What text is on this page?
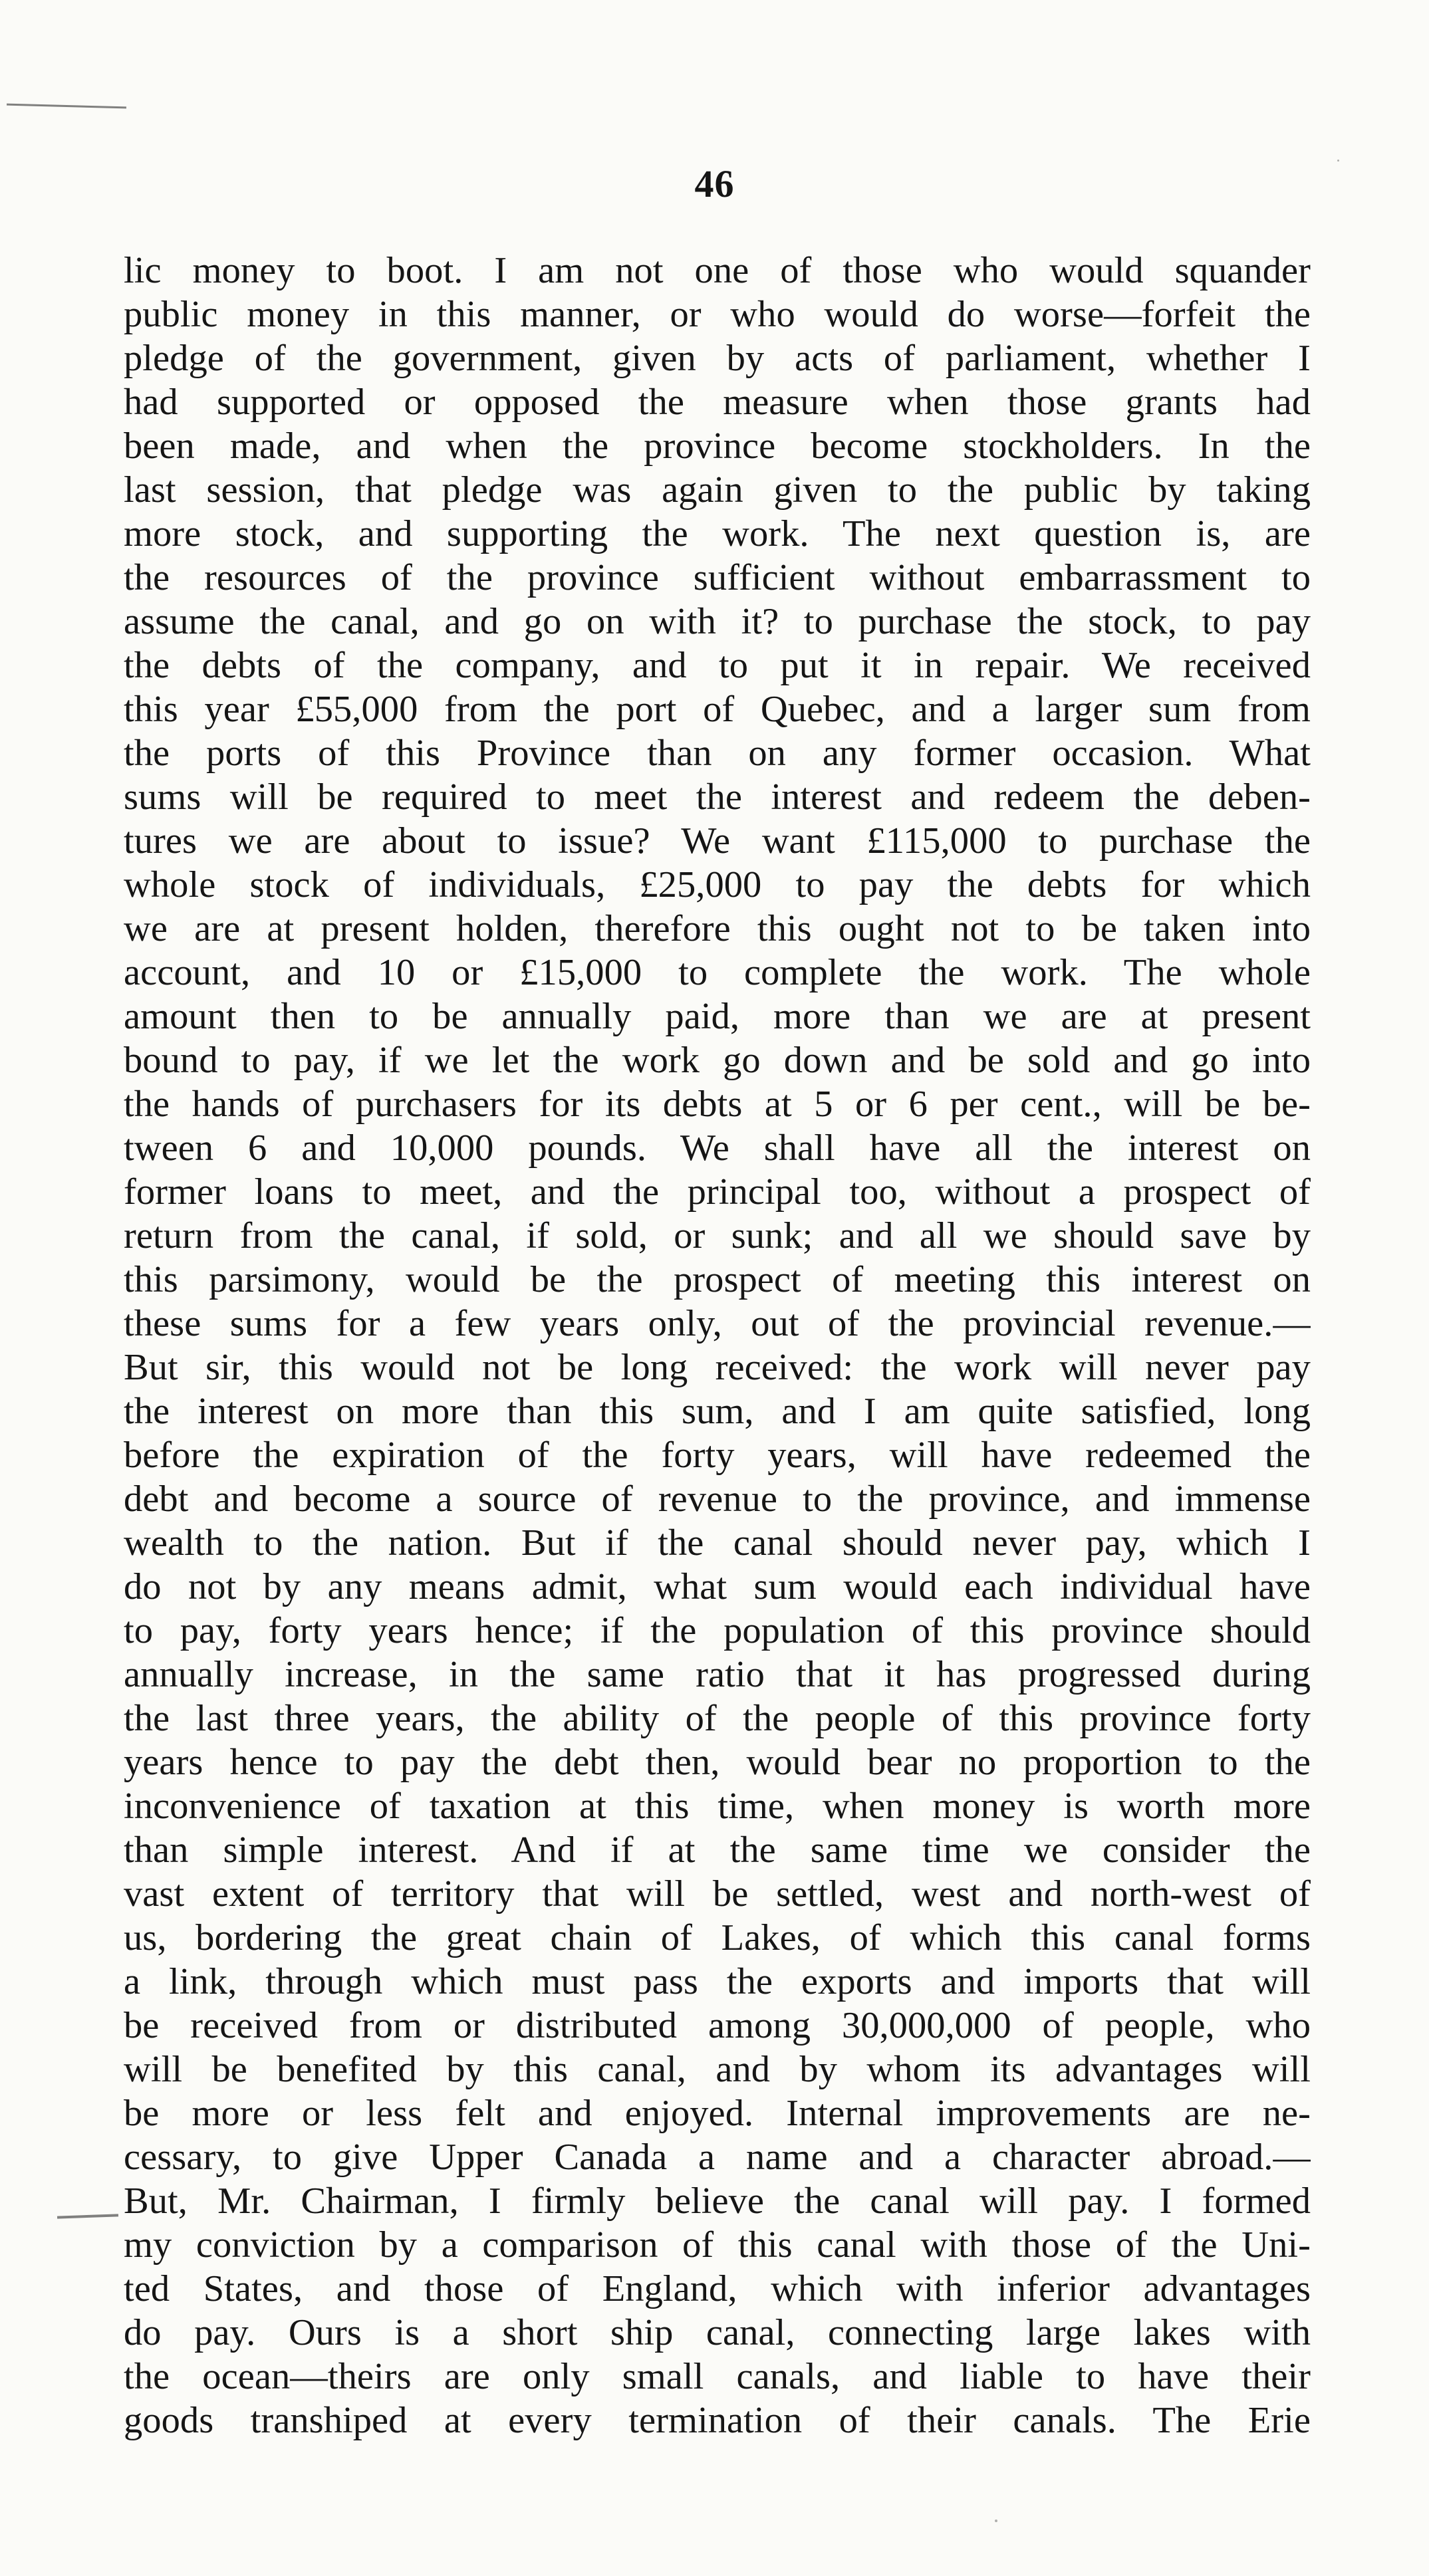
46
lic money to boot. I am not one of those who would squander
public money in this manner, or who would do worse—forfeit the
pledge of the government, given by acts of parliament, whether I
had supported or opposed the measure when those grants had
been made, and when the province become stockholders. In the
last session, that pledge was again given to the public by taking
more stock, and supporting the work. The next question is, are
the resources of the province sufficient without embarrassment to
assume the canal, and go on with it? to purchase the stock, to pay
the debts of the company, and to put it in repair. We received
this year £55,000 from the port of Quebec, and a larger sum from
the ports of this Province than on any former occasion. What
sums will be required to meet the interest and redeem the deben-
tures we are about to issue? We want £115,000 to purchase the
whole stock of individuals, £25,000 to pay the debts for which
we are at present holden, therefore this ought not to be taken into
account, and 10 or £15,000 to complete the work. The whole
amount then to be annually paid, more than we are at present
bound to pay, if we let the work go down and be sold and go into
the hands of purchasers for its debts at 5 or 6 per cent., will be be-
tween 6 and 10,000 pounds. We shall have all the interest on
former loans to meet, and the principal too, without a prospect of
return from the canal, if sold, or sunk; and all we should save by
this parsimony, would be the prospect of meeting this interest on
these sums for a few years only, out of the provincial revenue.—
But sir, this would not be long received: the work will never pay
the interest on more than this sum, and I am quite satisfied, long
before the expiration of the forty years, will have redeemed the
debt and become a source of revenue to the province, and immense
wealth to the nation. But if the canal should never pay, which I
do not by any means admit, what sum would each individual have
to pay, forty years hence; if the population of this province should
annually increase, in the same ratio that it has progressed during
the last three years, the ability of the people of this province forty
years hence to pay the debt then, would bear no proportion to the
inconvenience of taxation at this time, when money is worth more
than simple interest. And if at the same time we consider the
vast extent of territory that will be settled, west and north-west of
us, bordering the great chain of Lakes, of which this canal forms
a link, through which must pass the exports and imports that will
be received from or distributed among 30,000,000 of people, who
will be benefited by this canal, and by whom its advantages will
be more or less felt and enjoyed. Internal improvements are ne-
cessary, to give Upper Canada a name and a character abroad.—
But, Mr. Chairman, I firmly believe the canal will pay. I formed
my conviction by a comparison of this canal with those of the Uni-
ted States, and those of England, which with inferior advantages
do pay. Ours is a short ship canal, connecting large lakes with
the ocean—theirs are only small canals, and liable to have their
goods transhiped at every termination of their canals. The Erie
